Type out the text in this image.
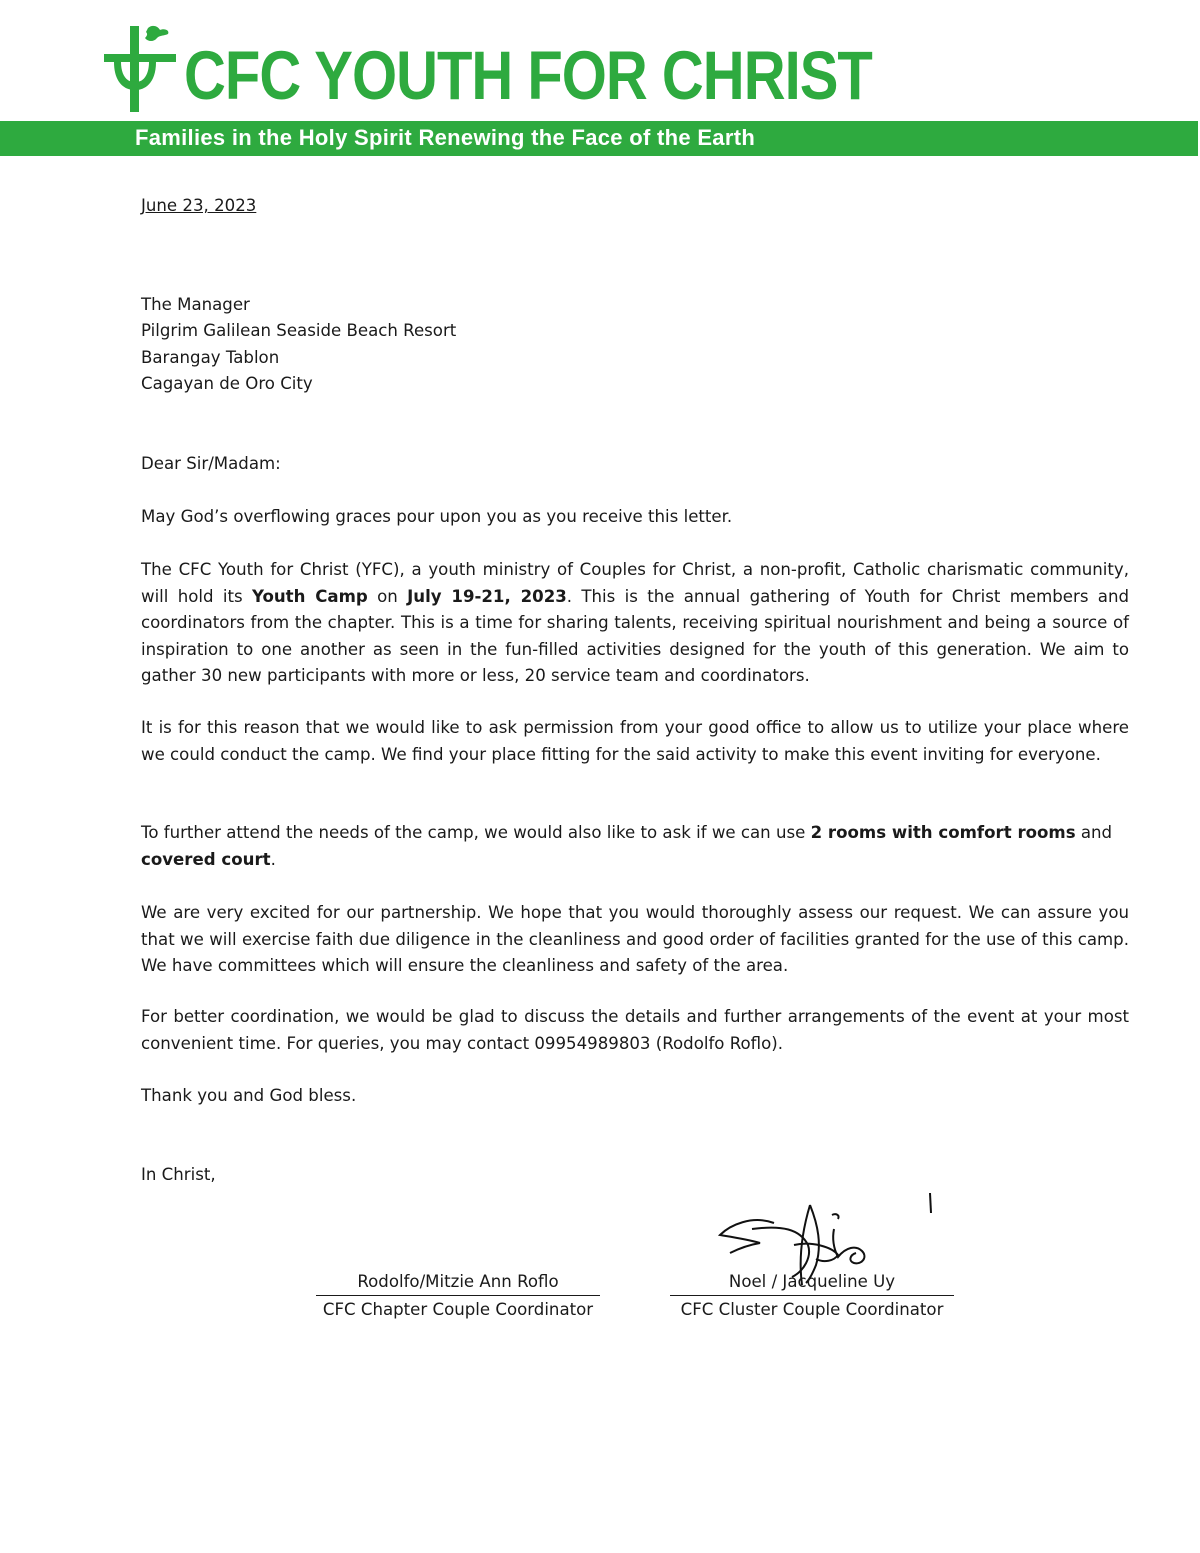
CFC YOUTH FOR CHRIST
Families in the Holy Spirit Renewing the Face of the Earth
June 23, 2023
The Manager
Pilgrim Galilean Seaside Beach Resort
Barangay Tablon
Cagayan de Oro City

Dear Sir/Madam:

May God’s overflowing graces pour upon you as you receive this letter.

The CFC Youth for Christ (YFC), a youth ministry of Couples for Christ, a non-profit, Catholic charismatic community, will hold its Youth Camp on July 19-21, 2023. This is the annual gathering of Youth for Christ members and coordinators from the chapter. This is a time for sharing talents, receiving spiritual nourishment and being a source of inspiration to one another as seen in the fun-filled activities designed for the youth of this generation. We aim to gather 30 new participants with more or less, 20 service team and coordinators.

It is for this reason that we would like to ask permission from your good office to allow us to utilize your place where we could conduct the camp. We find your place fitting for the said activity to make this event inviting for everyone.

To further attend the needs of the camp, we would also like to ask if we can use 2 rooms with comfort rooms and covered court.

We are very excited for our partnership. We hope that you would thoroughly assess our request. We can assure you that we will exercise faith due diligence in the cleanliness and good order of facilities granted for the use of this camp. We have committees which will ensure the cleanliness and safety of the area.

For better coordination, we would be glad to discuss the details and further arrangements of the event at your most convenient time. For queries, you may contact 09954989803 (Rodolfo Roflo).

Thank you and God bless.

In Christ,

Rodolfo/Mitzie Ann Roflo
CFC Chapter Couple Coordinator
Noel / Jacqueline Uy
CFC Cluster Couple Coordinator
